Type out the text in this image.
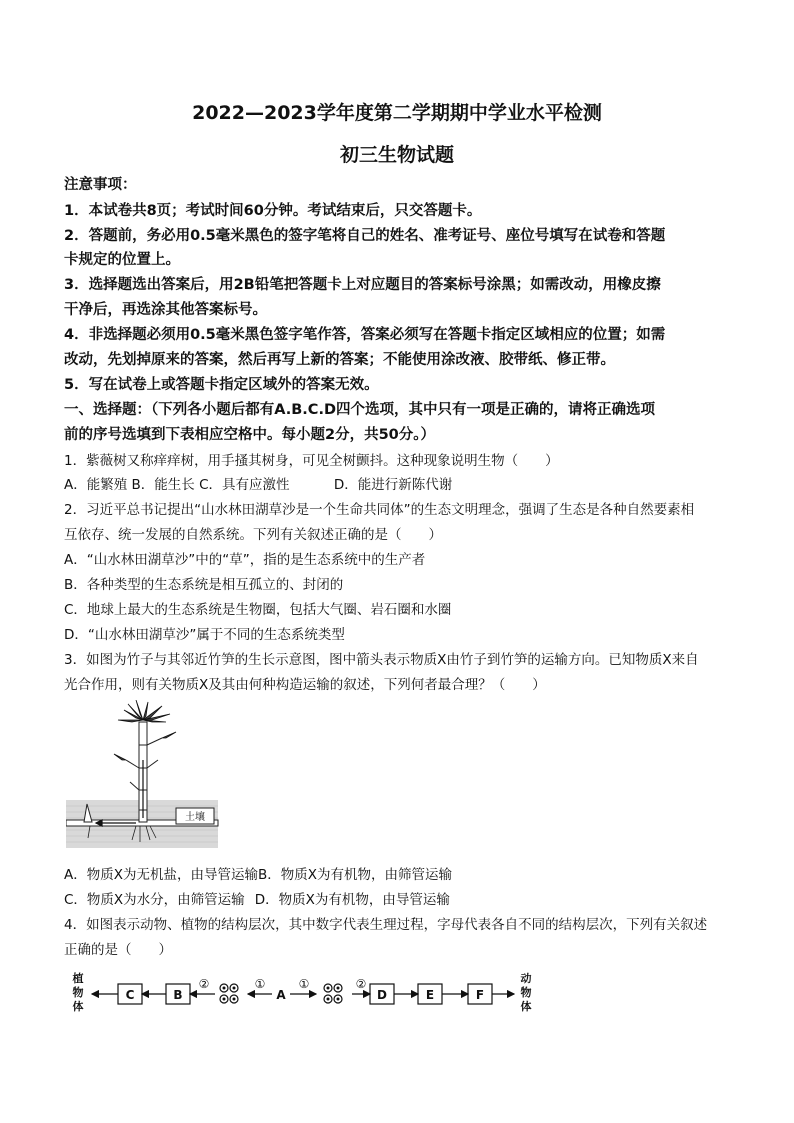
2022—2023学年度第二学期期中学业水平检测
初三生物试题
注意事项：
1．本试卷共8页；考试时间60分钟。考试结束后，只交答题卡。
2．答题前，务必用0.5毫米黑色的签字笔将自己的姓名、准考证号、座位号填写在试卷和答题
卡规定的位置上。
3．选择题选出答案后，用2B铅笔把答题卡上对应题目的答案标号涂黑；如需改动，用橡皮擦
干净后，再选涂其他答案标号。
4．非选择题必须用0.5毫米黑色签字笔作答，答案必须写在答题卡指定区域相应的位置；如需
改动，先划掉原来的答案，然后再写上新的答案；不能使用涂改液、胶带纸、修正带。
5．写在试卷上或答题卡指定区域外的答案无效。
一、选择题：（下列各小题后都有A.B.C.D四个选项，其中只有一项是正确的，请将正确选项
前的序号选填到下表相应空格中。每小题2分，共50分。）
1．紫薇树又称痒痒树，用手搔其树身，可见全树颤抖。这种现象说明生物（　　）
A．能繁殖 B．能生长 C．具有应激性	D．能进行新陈代谢
2．习近平总书记提出“山水林田湖草沙是一个生命共同体”的生态文明理念，强调了生态是各种自然要素相
互依存、统一发展的自然系统。下列有关叙述正确的是（　　）
A．“山水林田湖草沙”中的“草”，指的是生态系统中的生产者
B．各种类型的生态系统是相互孤立的、封闭的
C．地球上最大的生态系统是生物圈，包括大气圈、岩石圈和水圈
D．“山水林田湖草沙”属于不同的生态系统类型
3．如图为竹子与其邻近竹笋的生长示意图，图中箭头表示物质X由竹子到竹笋的运输方向。已知物质X来自
光合作用，则有关物质X及其由何种构造运输的叙述，下列何者最合理？（　　）
土壤
A．物质X为无机盐，由导管运输B．物质X为有机物，由筛管运输
C．物质X为水分，由筛管运输 D．物质X为有机物，由导管运输
4．如图表示动物、植物的结构层次，其中数字代表生理过程，字母代表各自不同的结构层次，下列有关叙述
正确的是（　　）
植
物
体
动
物
体
C	B	D	E	F
A
②	①	①	②
